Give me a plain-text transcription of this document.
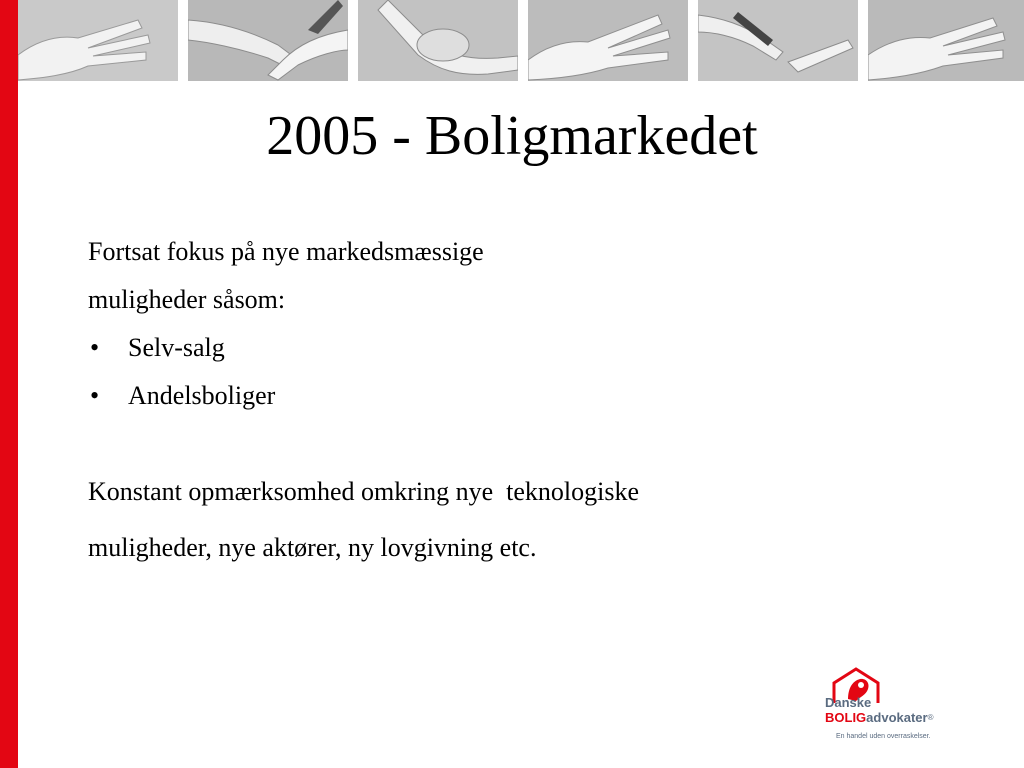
2005 - Boligmarkedet

Fortsat fokus på nye markedsmæssige

muligheder såsom:

•	Selv-salg
•	Andelsboliger

Konstant opmærksomhed omkring nye  teknologiske

muligheder, nye aktører, ny lovgivning etc.

Danske
BOLIGadvokater®
En handel uden overraskelser.
